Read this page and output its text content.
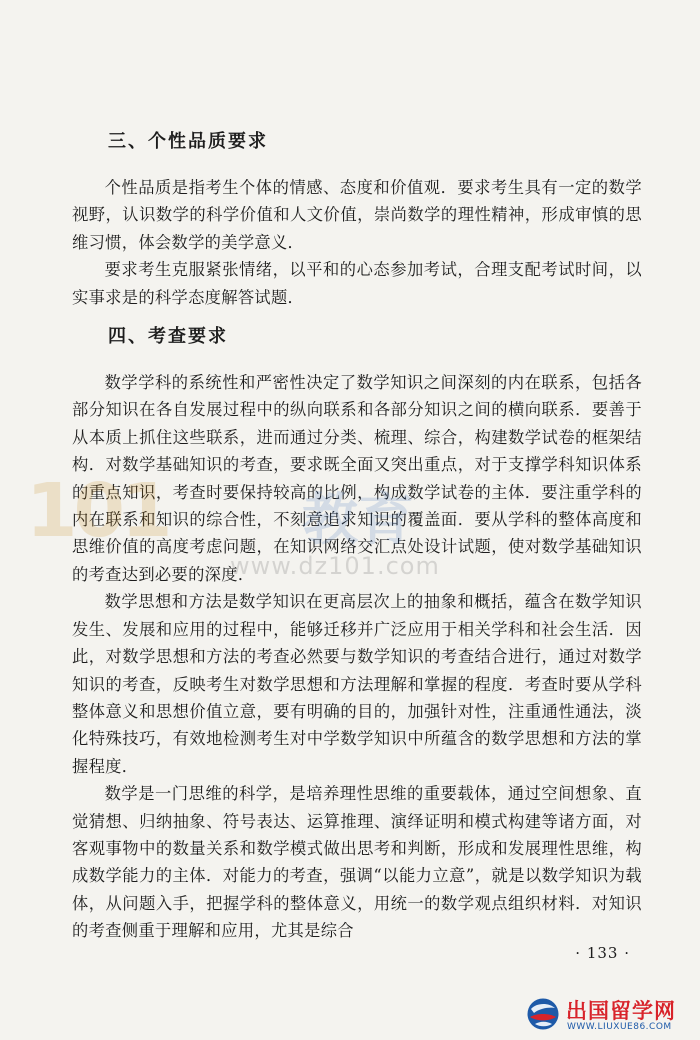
三、个性品质要求

个性品质是指考生个体的情感、态度和价值观．要求考生具有一定的数学视野，认识数学的科学价值和人文价值，崇尚数学的理性精神，形成审慎的思维习惯，体会数学的美学意义．

要求考生克服紧张情绪，以平和的心态参加考试，合理支配考试时间，以实事求是的科学态度解答试题．

四、考查要求

数学学科的系统性和严密性决定了数学知识之间深刻的内在联系，包括各部分知识在各自发展过程中的纵向联系和各部分知识之间的横向联系．要善于从本质上抓住这些联系，进而通过分类、梳理、综合，构建数学试卷的框架结构．对数学基础知识的考查，要求既全面又突出重点，对于支撑学科知识体系的重点知识，考查时要保持较高的比例，构成数学试卷的主体．要注重学科的内在联系和知识的综合性，不刻意追求知识的覆盖面．要从学科的整体高度和思维价值的高度考虑问题，在知识网络交汇点处设计试题，使对数学基础知识的考查达到必要的深度．

数学思想和方法是数学知识在更高层次上的抽象和概括，蕴含在数学知识发生、发展和应用的过程中，能够迁移并广泛应用于相关学科和社会生活．因此，对数学思想和方法的考查必然要与数学知识的考查结合进行，通过对数学知识的考查，反映考生对数学思想和方法理解和掌握的程度．考查时要从学科整体意义和思想价值立意，要有明确的目的，加强针对性，注重通性通法，淡化特殊技巧，有效地检测考生对中学数学知识中所蕴含的数学思想和方法的掌握程度．

数学是一门思维的科学，是培养理性思维的重要载体，通过空间想象、直觉猜想、归纳抽象、符号表达、运算推理、演绎证明和模式构建等诸方面，对客观事物中的数量关系和数学模式做出思考和判断，形成和发展理性思维，构成数学能力的主体．对能力的考查，强调“以能力立意”，就是以数学知识为载体，从问题入手，把握学科的整体意义，用统一的数学观点组织材料．对知识的考查侧重于理解和应用，尤其是综合

101 教育
www.dz101.com
· 133 ·
出国留学网
WWW.LIUXUE86.COM
